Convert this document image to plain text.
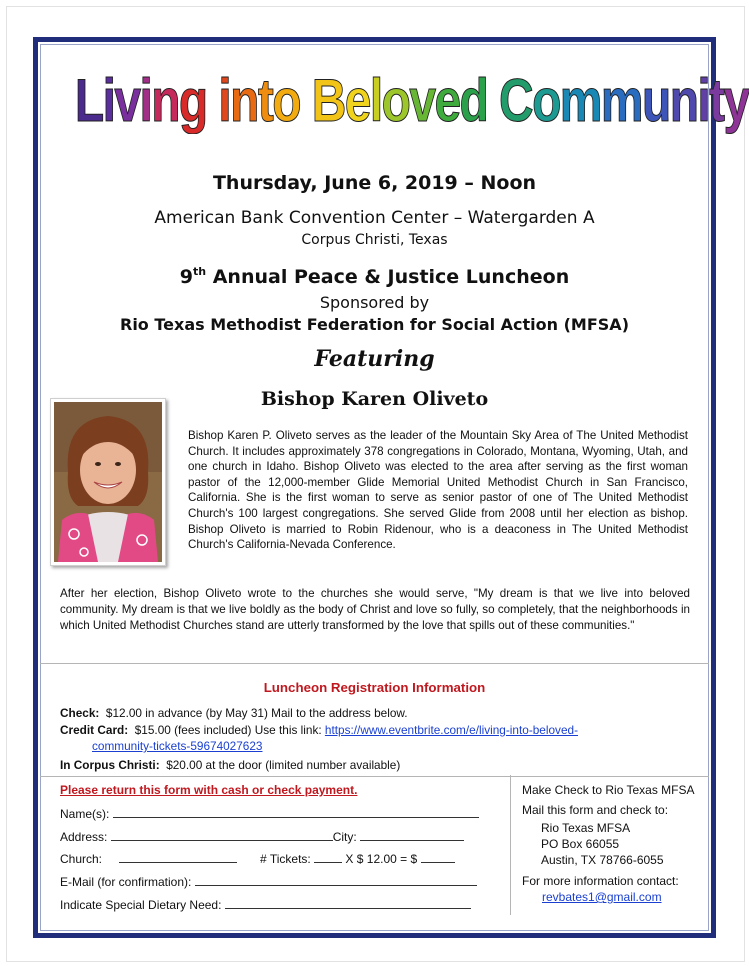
Living into Beloved Community
Thursday, June 6, 2019 – Noon
American Bank Convention Center – Watergarden A
Corpus Christi, Texas
9th Annual Peace & Justice Luncheon
Sponsored by
Rio Texas Methodist Federation for Social Action (MFSA)
Featuring
Bishop Karen Oliveto
Bishop Karen P. Oliveto serves as the leader of the Mountain Sky Area of The United Methodist Church. It includes approximately 378 congregations in Colorado, Montana, Wyoming, Utah, and one church in Idaho. Bishop Oliveto was elected to the area after serving as the first woman pastor of the 12,000-member Glide Memorial United Methodist Church in San Francisco, California. She is the first woman to serve as senior pastor of one of The United Methodist Church's 100 largest congregations. She served Glide from 2008 until her election as bishop. Bishop Oliveto is married to Robin Ridenour, who is a deaconess in The United Methodist Church's California-Nevada Conference.
After her election, Bishop Oliveto wrote to the churches she would serve, "My dream is that we live into beloved community. My dream is that we live boldly as the body of Christ and love so fully, so completely, that the neighborhoods in which United Methodist Churches stand are utterly transformed by the love that spills out of these communities."
Luncheon Registration Information
Check: $12.00 in advance (by May 31) Mail to the address below.
Credit Card: $15.00 (fees included) Use this link: https://www.eventbrite.com/e/living-into-beloved-
community-tickets-59674027623
In Corpus Christi: $20.00 at the door (limited number available)
Please return this form with cash or check payment.
Name(s):
Address:	City:
Church:	# Tickets:	X $ 12.00 = $
E-Mail (for confirmation):
Indicate Special Dietary Need:
Make Check to Rio Texas MFSA
Mail this form and check to:
Rio Texas MFSA
PO Box 66055
Austin, TX 78766-6055
For more information contact:
revbates1@gmail.com
